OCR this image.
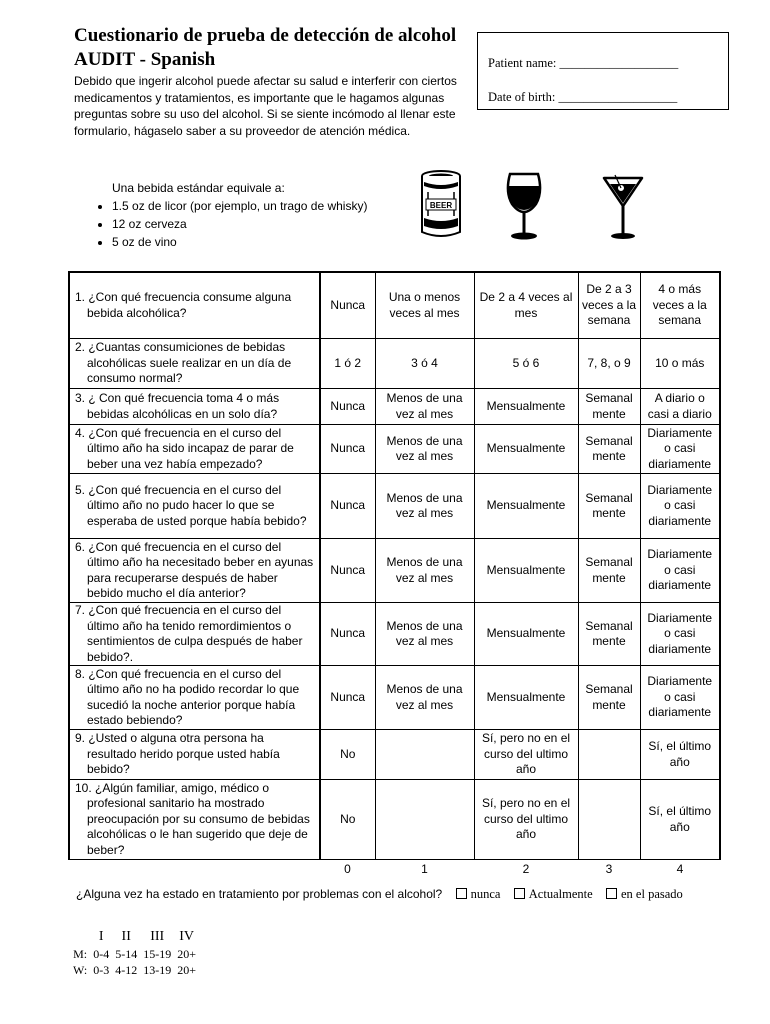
Cuestionario de prueba de detección de alcohol AUDIT - Spanish

Debido que ingerir alcohol puede afectar su salud e interferir con ciertos medicamentos y tratamientos, es importante que le hagamos algunas preguntas sobre su uso del alcohol. Si se siente incómodo al llenar este formulario, hágaselo saber a su proveedor de atención médica.

Patient name: ___________________
Date of birth: ___________________
Una bebida estándar equivale a:
• 1.5 oz de licor (por ejemplo, un trago de whisky)
• 12 oz cerveza
• 5 oz de vino
BEER
1. ¿Con qué frecuencia consume alguna bebida alcohólica?	Nunca	Una o menos veces al mes	De 2 a 4 veces al mes	De 2 a 3 veces a la semana	4 o más veces a la semana

2. ¿Cuantas consumiciones de bebidas alcohólicas suele realizar en un día de consumo normal?	1 ó 2	3 ó 4	5 ó 6	7, 8, o 9	10 o más

3. ¿ Con qué frecuencia toma 4 o más bebidas alcohólicas en un solo día?	Nunca	Menos de una vez al mes	Mensualmente	Semanal mente	A diario o casi a diario

4. ¿Con qué frecuencia en el curso del último año ha sido incapaz de parar de beber una vez había empezado?	Nunca	Menos de una vez al mes	Mensualmente	Semanal mente	Diariamente o casi diariamente

5. ¿Con qué frecuencia en el curso del último año no pudo hacer lo que se esperaba de usted porque había bebido?	Nunca	Menos de una vez al mes	Mensualmente	Semanal mente	Diariamente o casi diariamente

6. ¿Con qué frecuencia en el curso del último año ha necesitado beber en ayunas para recuperarse después de haber bebido mucho el día anterior?	Nunca	Menos de una vez al mes	Mensualmente	Semanal mente	Diariamente o casi diariamente

7. ¿Con qué frecuencia en el curso del último año ha tenido remordimientos o sentimientos de culpa después de haber bebido?.	Nunca	Menos de una vez al mes	Mensualmente	Semanal mente	Diariamente o casi diariamente

8. ¿Con qué frecuencia en el curso del último año no ha podido recordar lo que sucedió la noche anterior porque había estado bebiendo?	Nunca	Menos de una vez al mes	Mensualmente	Semanal mente	Diariamente o casi diariamente

9. ¿Usted o alguna otra persona ha resultado herido porque usted había bebido?	No		Sí, pero no en el curso del ultimo año		Sí, el último año

10. ¿Algún familiar, amigo, médico o profesional sanitario ha mostrado preocupación por su consumo de bebidas alcohólicas o le han sugerido que deje de beber?	No		Sí, pero no en el curso del ultimo año		Sí, el último año
	0	1	2	3	4
¿Alguna vez ha estado en tratamiento por problemas con el alcohol? nunca Actualmente en el pasado
	I	II	III	IV
M:	0-4	5-14	15-19	20+
W:	0-3	4-12	13-19	20+
